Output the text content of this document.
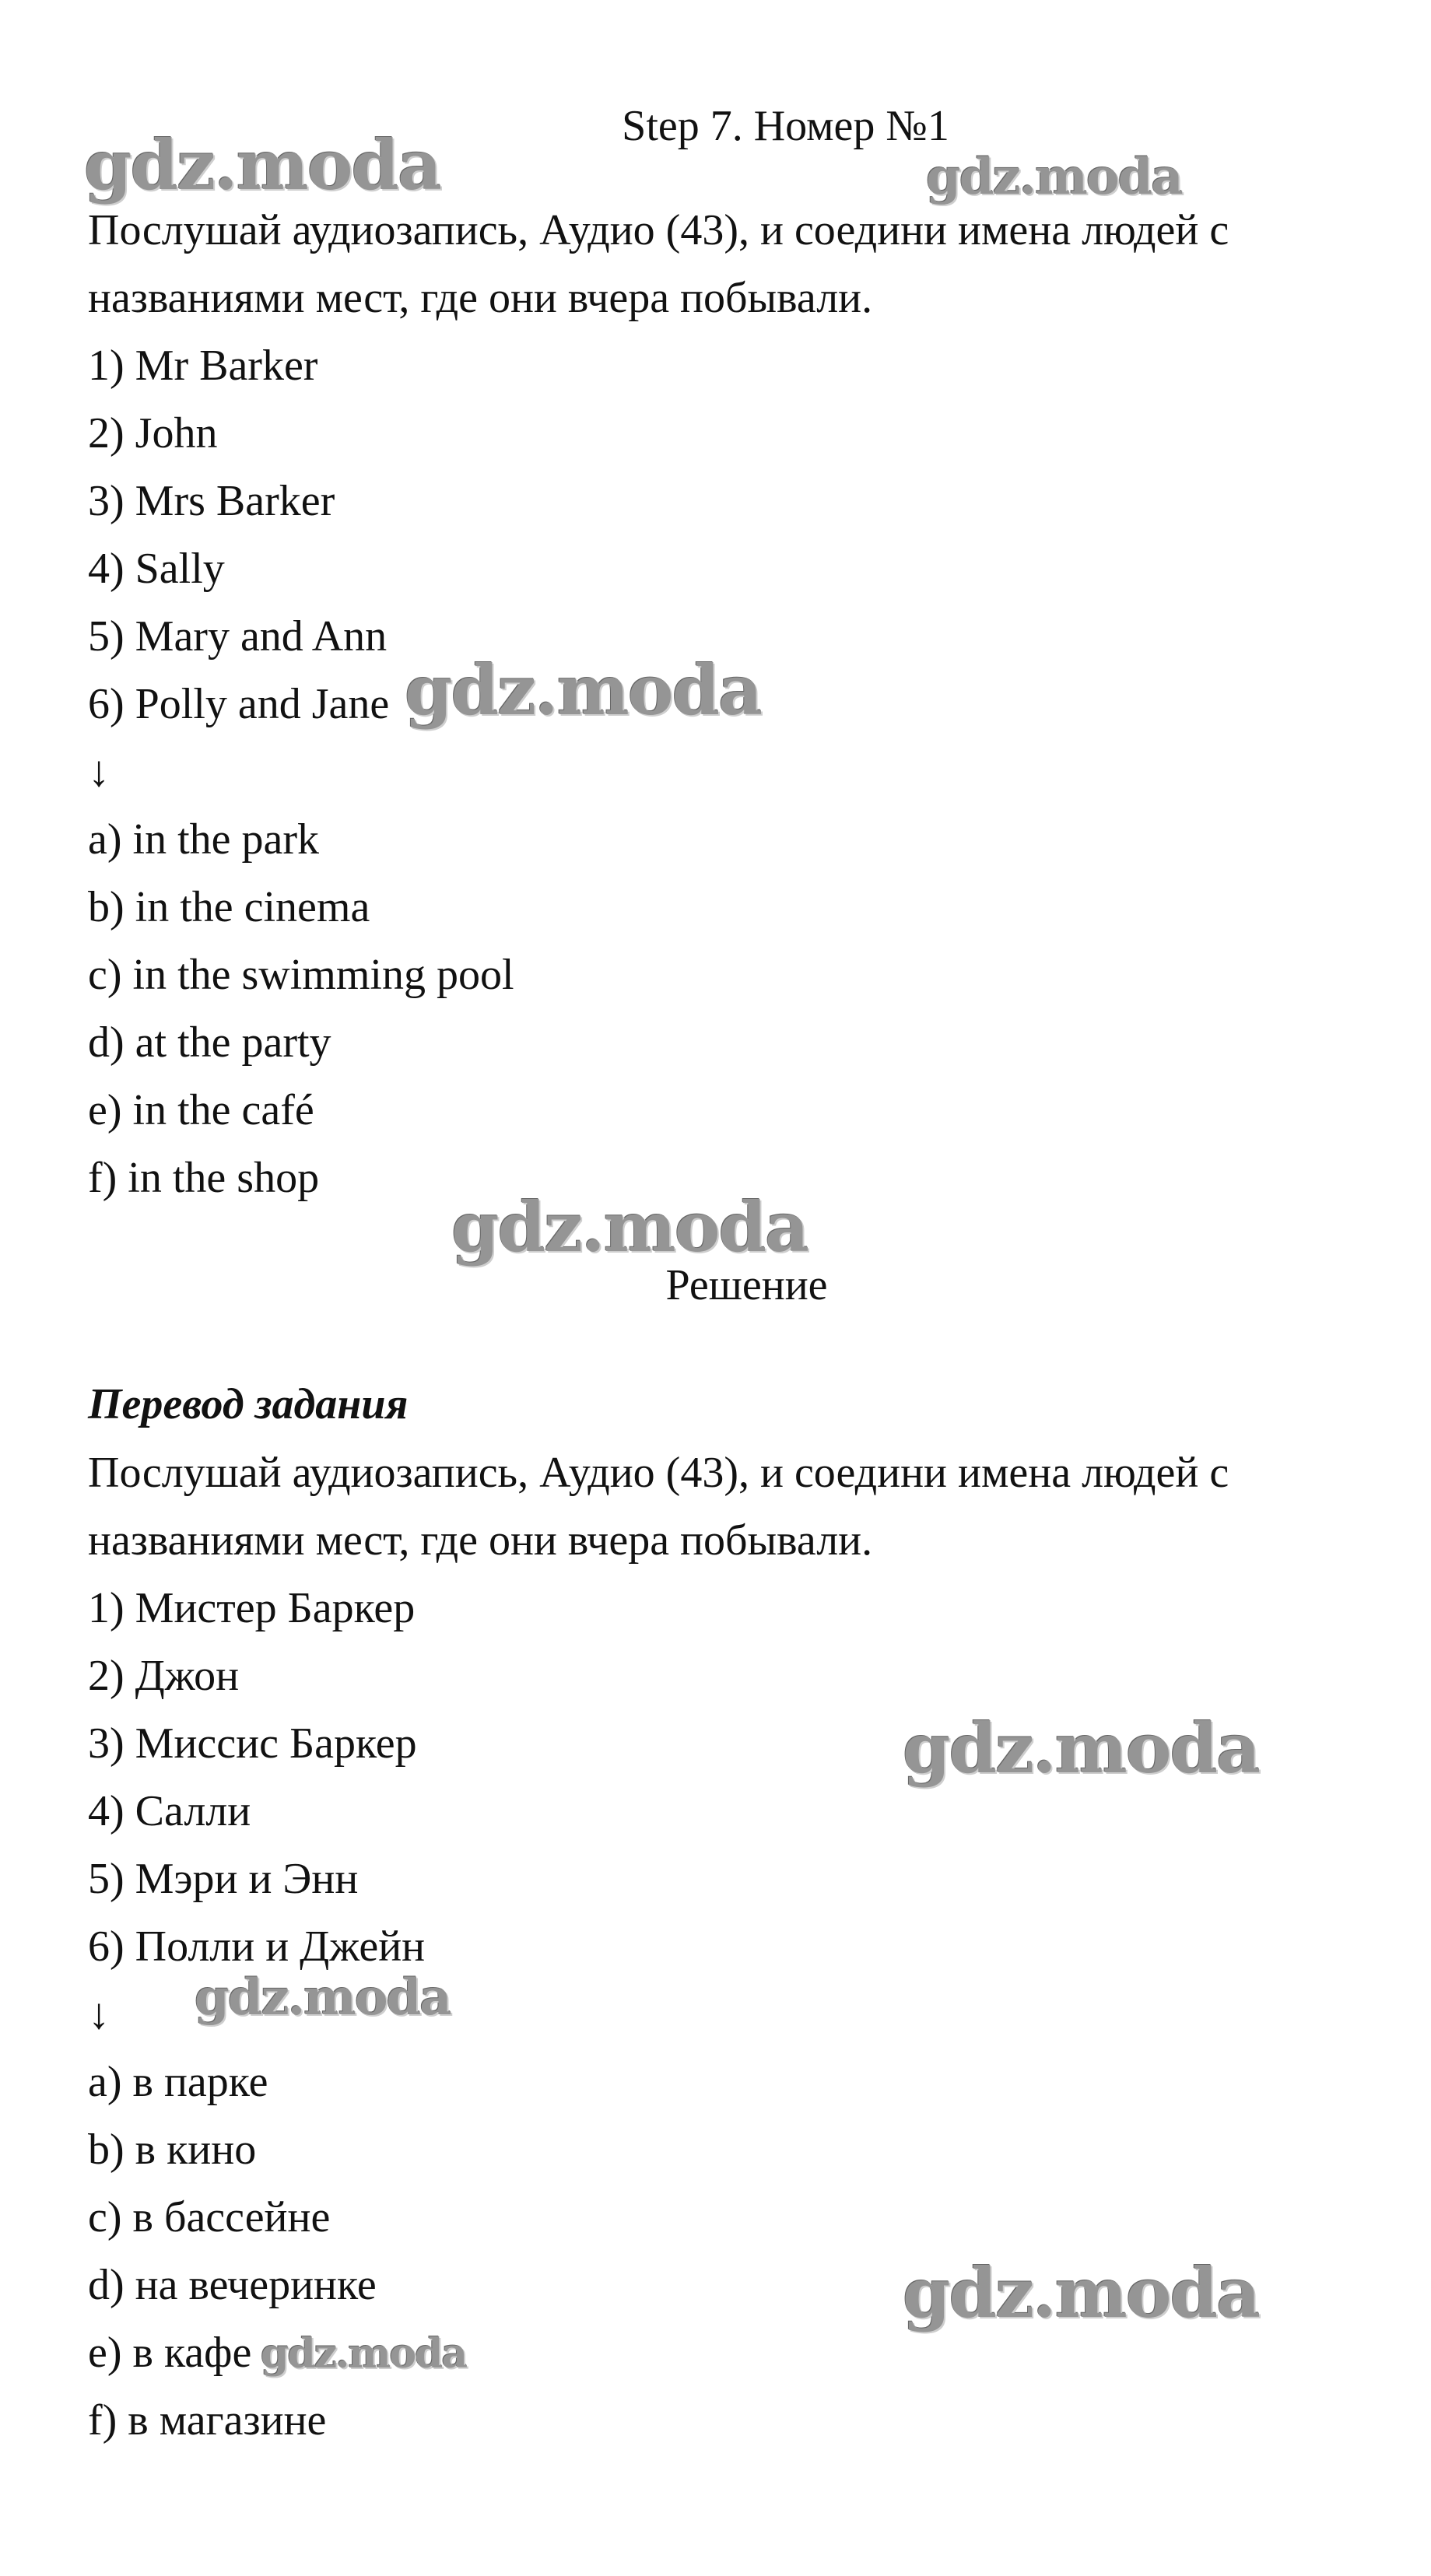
Step 7. Номер №1
Послушай аудиозапись, Аудио (43), и соедини имена людей с
названиями мест, где они вчера побывали.
1) Mr Barker
2) John
3) Mrs Barker
4) Sally
5) Mary and Ann
6) Polly and Jane
↓
a) in the park
b) in the cinema
c) in the swimming pool
d) at the party
e) in the café
f) in the shop
Решение
Перевод задания
Послушай аудиозапись, Аудио (43), и соедини имена людей с
названиями мест, где они вчера побывали.
1) Мистер Баркер
2) Джон
3) Миссис Баркер
4) Салли
5) Мэри и Энн
6) Полли и Джейн
↓
a) в парке
b) в кино
c) в бассейне
d) на вечеринке
e) в кафе
f) в магазине
gdz.moda	gdz.moda
gdz.moda
gdz.moda
gdz.moda
gdz.moda
gdz.moda
gdz.moda
